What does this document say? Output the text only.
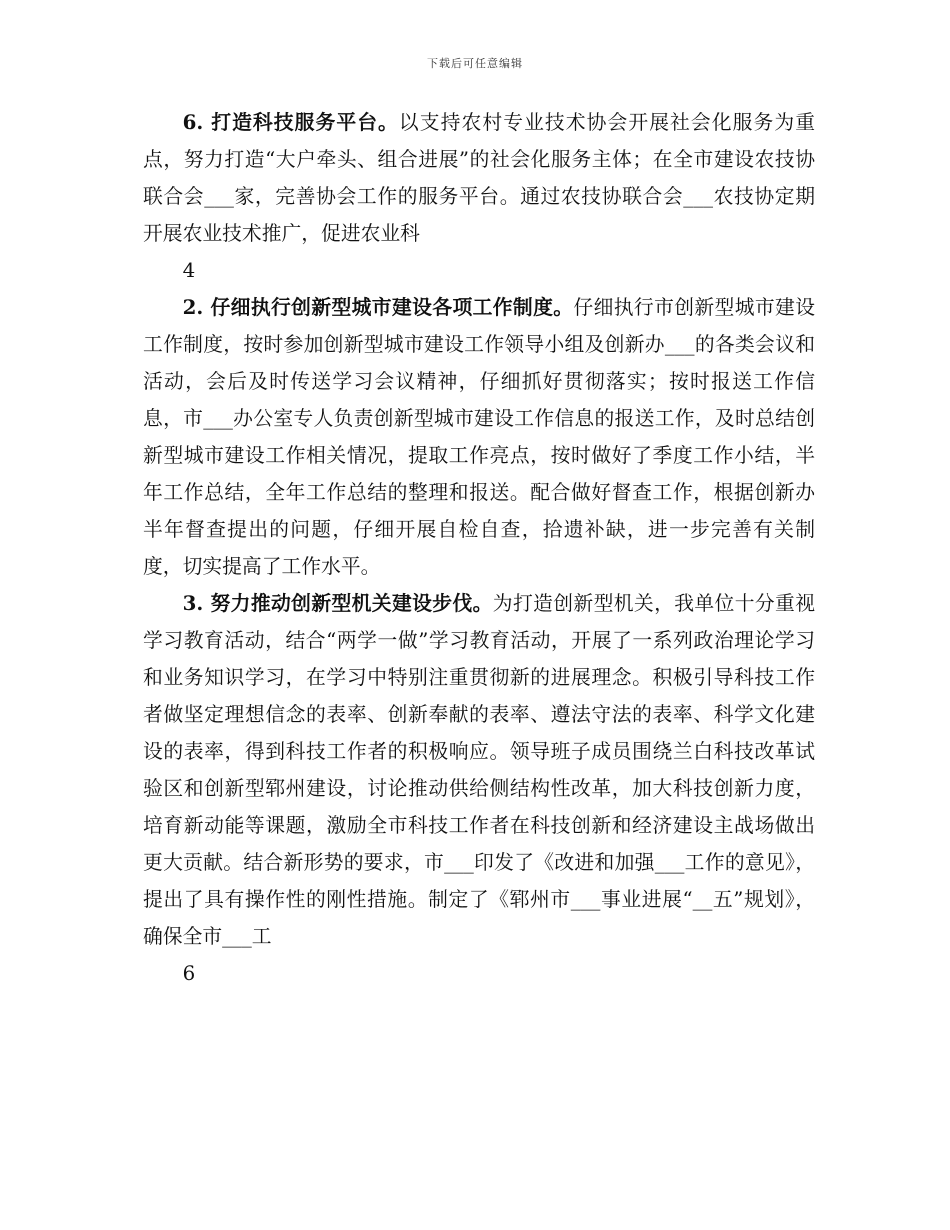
下载后可任意编辑

6. 打造科技服务平台。以支持农村专业技术协会开展社会化服务为重点，努力打造“大户牵头、组合进展”的社会化服务主体；在全市建设农技协联合会___家，完善协会工作的服务平台。通过农技协联合会___农技协定期开展农业技术推广，促进农业科

4

2. 仔细执行创新型城市建设各项工作制度。仔细执行市创新型城市建设工作制度，按时参加创新型城市建设工作领导小组及创新办___的各类会议和活动，会后及时传送学习会议精神，仔细抓好贯彻落实；按时报送工作信息，市___办公室专人负责创新型城市建设工作信息的报送工作，及时总结创新型城市建设工作相关情况，提取工作亮点，按时做好了季度工作小结，半年工作总结，全年工作总结的整理和报送。配合做好督查工作，根据创新办半年督查提出的问题，仔细开展自检自查，拾遗补缺，进一步完善有关制度，切实提高了工作水平。

3. 努力推动创新型机关建设步伐。为打造创新型机关，我单位十分重视学习教育活动，结合“两学一做”学习教育活动，开展了一系列政治理论学习和业务知识学习，在学习中特别注重贯彻新的进展理念。积极引导科技工作者做坚定理想信念的表率、创新奉献的表率、遵法守法的表率、科学文化建设的表率，得到科技工作者的积极响应。领导班子成员围绕兰白科技改革试验区和创新型郓州建设，讨论推动供给侧结构性改革，加大科技创新力度，培育新动能等课题，激励全市科技工作者在科技创新和经济建设主战场做出更大贡献。结合新形势的要求，市___印发了《改进和加强___工作的意见》，提出了具有操作性的刚性措施。制定了《郓州市___事业进展“__五”规划》，确保全市___工

6
